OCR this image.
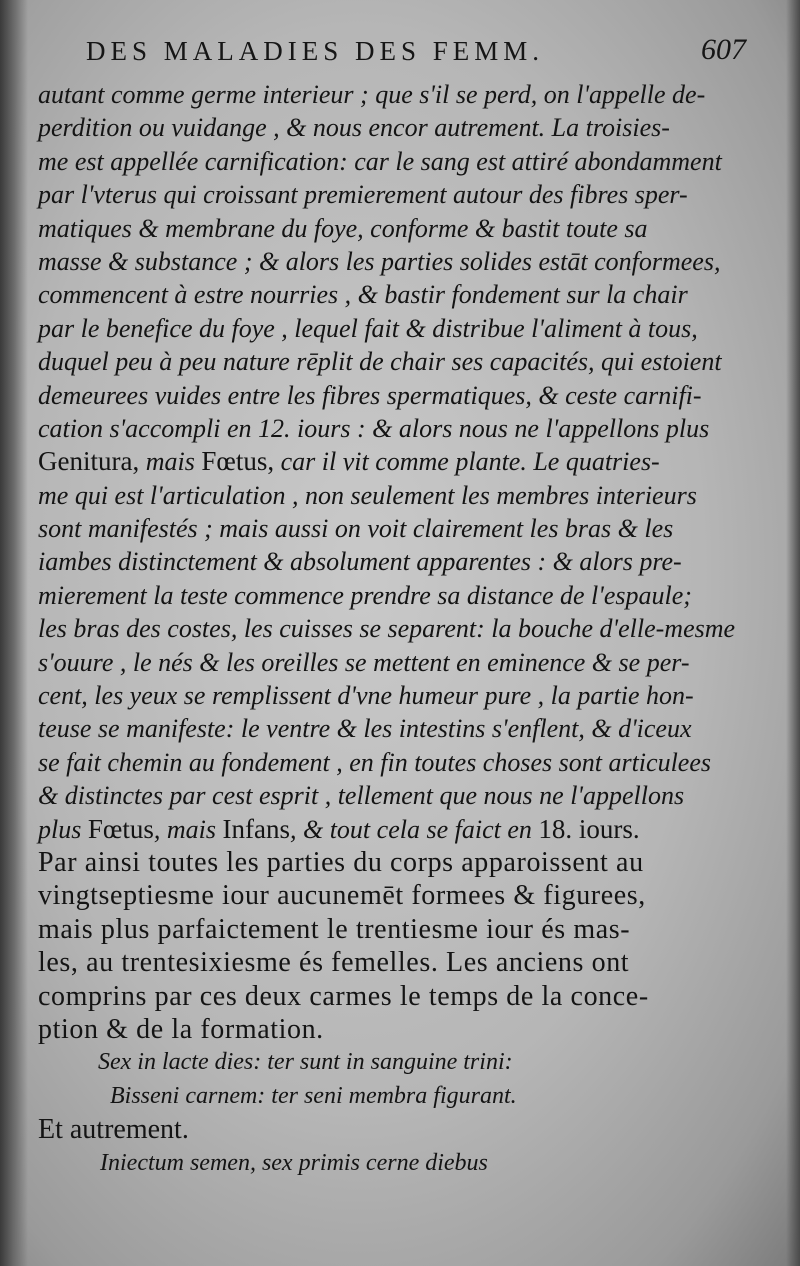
DES MALADIES DES FEMM.	607
autant comme germe interieur ; que s'il se perd, on l'appelle de-
perdition ou vuidange , & nous encor autrement. La troisies-
me est appellée carnification: car le sang est attiré abondamment
par l'vterus qui croissant premierement autour des fibres sper-
matiques & membrane du foye, conforme & bastit toute sa
masse & substance ; & alors les parties solides estāt conformees,
commencent à estre nourries , & bastir fondement sur la chair
par le benefice du foye , lequel fait & distribue l'aliment à tous,
duquel peu à peu nature rēplit de chair ses capacités, qui estoient
demeurees vuides entre les fibres spermatiques, & ceste carnifi-
cation s'accompli en 12. iours : & alors nous ne l'appellons plus
Genitura, mais Fœtus, car il vit comme plante. Le quatries-
me qui est l'articulation , non seulement les membres interieurs
sont manifestés ; mais aussi on voit clairement les bras & les
iambes distinctement & absolument apparentes : & alors pre-
mierement la teste commence prendre sa distance de l'espaule;
les bras des costes, les cuisses se separent: la bouche d'elle-mesme
s'ouure , le nés & les oreilles se mettent en eminence & se per-
cent, les yeux se remplissent d'vne humeur pure , la partie hon-
teuse se manifeste: le ventre & les intestins s'enflent, & d'iceux
se fait chemin au fondement , en fin toutes choses sont articulees
& distinctes par cest esprit , tellement que nous ne l'appellons
plus Fœtus, mais Infans, & tout cela se faict en 18. iours.
Par ainsi toutes les parties du corps apparoissent au
vingtseptiesme iour aucunemēt formees & figurees,
mais plus parfaictement le trentiesme iour és mas-
les, au trentesixiesme és femelles. Les anciens ont
comprins par ces deux carmes le temps de la conce-
ption & de la formation.
Sex in lacte dies: ter sunt in sanguine trini:
Bisseni carnem: ter seni membra figurant.
Et autrement.
Iniectum semen, sex primis cerne diebus
